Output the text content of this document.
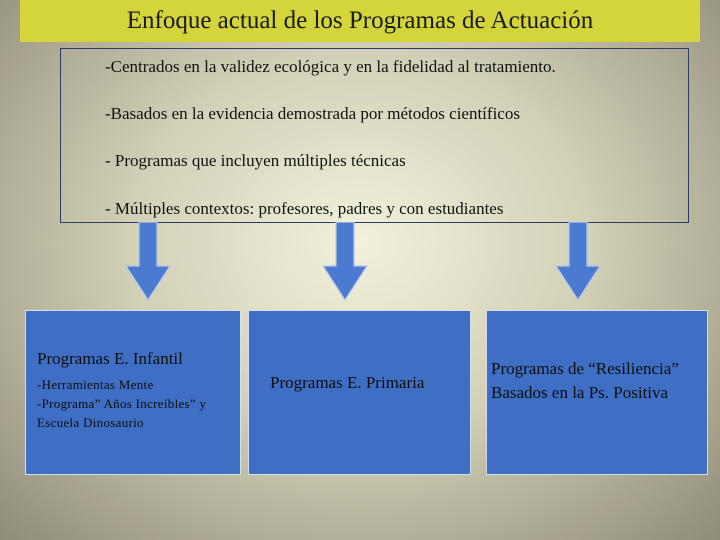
Enfoque actual de los Programas de Actuación
-Centrados en la validez ecológica y en la fidelidad al tratamiento.
-Basados en la evidencia demostrada por métodos científicos
- Programas que incluyen múltiples técnicas
- Múltiples contextos: profesores, padres y con estudiantes
Programas E. Infantil
-Herramientas Mente
-Programa” Años Increíbles” y
Escuela Dinosaurio
Programas E. Primaria
Programas de “Resiliencia”
Basados en la Ps. Positiva
